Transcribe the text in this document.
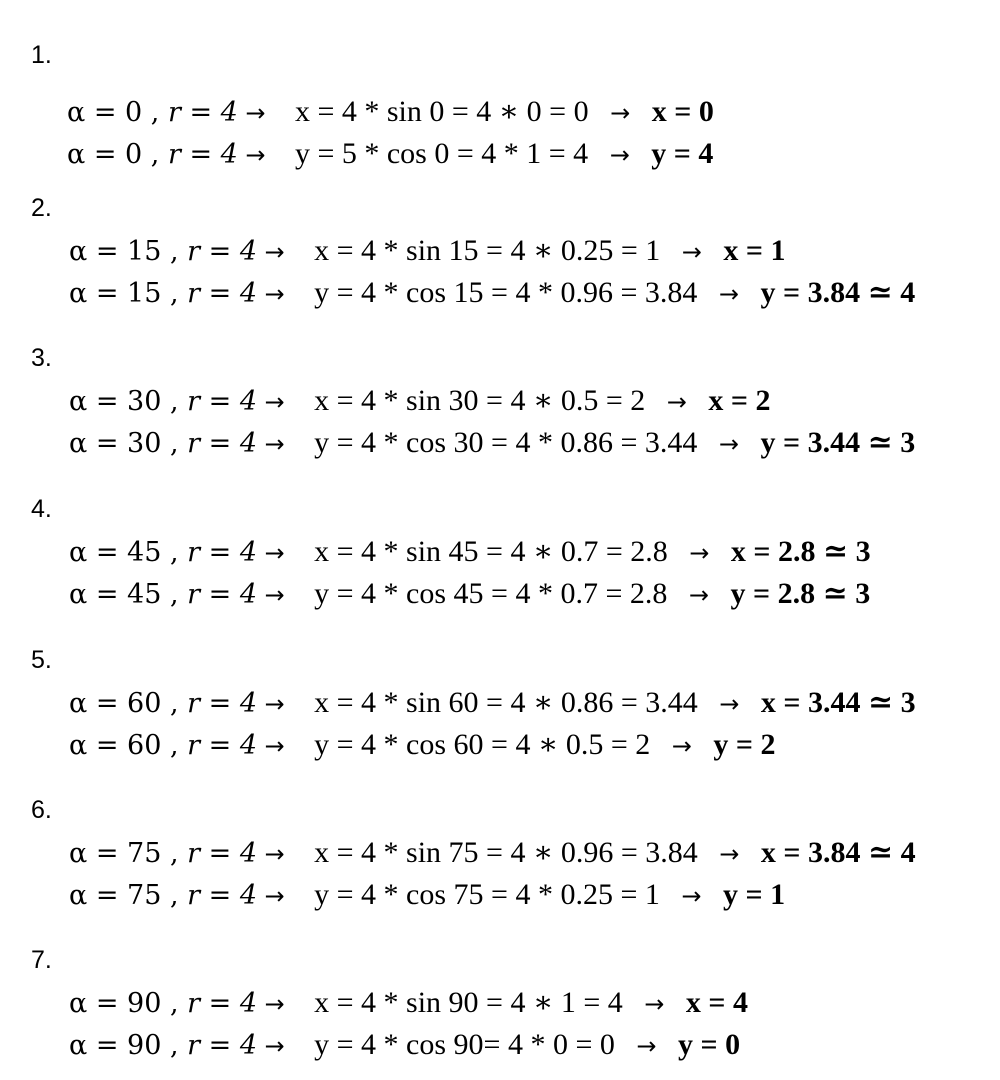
1.
α = 0 , r = 4 → x = 4 * sin 0 = 4 ∗ 0 = 0 → x = 0
α = 0 , r = 4 → y = 5 * cos 0 = 4 * 1 = 4 → y = 4
2.
α = 15 , r = 4 → x = 4 * sin 15 = 4 ∗ 0.25 = 1 → x = 1
α = 15 , r = 4 → y = 4 * cos 15 = 4 * 0.96 = 3.84 → y = 3.84 ≃ 4
3.
α = 30 , r = 4 → x = 4 * sin 30 = 4 ∗ 0.5 = 2 → x = 2
α = 30 , r = 4 → y = 4 * cos 30 = 4 * 0.86 = 3.44 → y = 3.44 ≃ 3
4.
α = 45 , r = 4 → x = 4 * sin 45 = 4 ∗ 0.7 = 2.8 → x = 2.8 ≃ 3
α = 45 , r = 4 → y = 4 * cos 45 = 4 * 0.7 = 2.8 → y = 2.8 ≃ 3
5.
α = 60 , r = 4 → x = 4 * sin 60 = 4 ∗ 0.86 = 3.44 → x = 3.44 ≃ 3
α = 60 , r = 4 → y = 4 * cos 60 = 4 ∗ 0.5 = 2 → y = 2
6.
α = 75 , r = 4 → x = 4 * sin 75 = 4 ∗ 0.96 = 3.84 → x = 3.84 ≃ 4
α = 75 , r = 4 → y = 4 * cos 75 = 4 * 0.25 = 1 → y = 1
7.
α = 90 , r = 4 → x = 4 * sin 90 = 4 ∗ 1 = 4 → x = 4
α = 90 , r = 4 → y = 4 * cos 90= 4 * 0 = 0 → y = 0
